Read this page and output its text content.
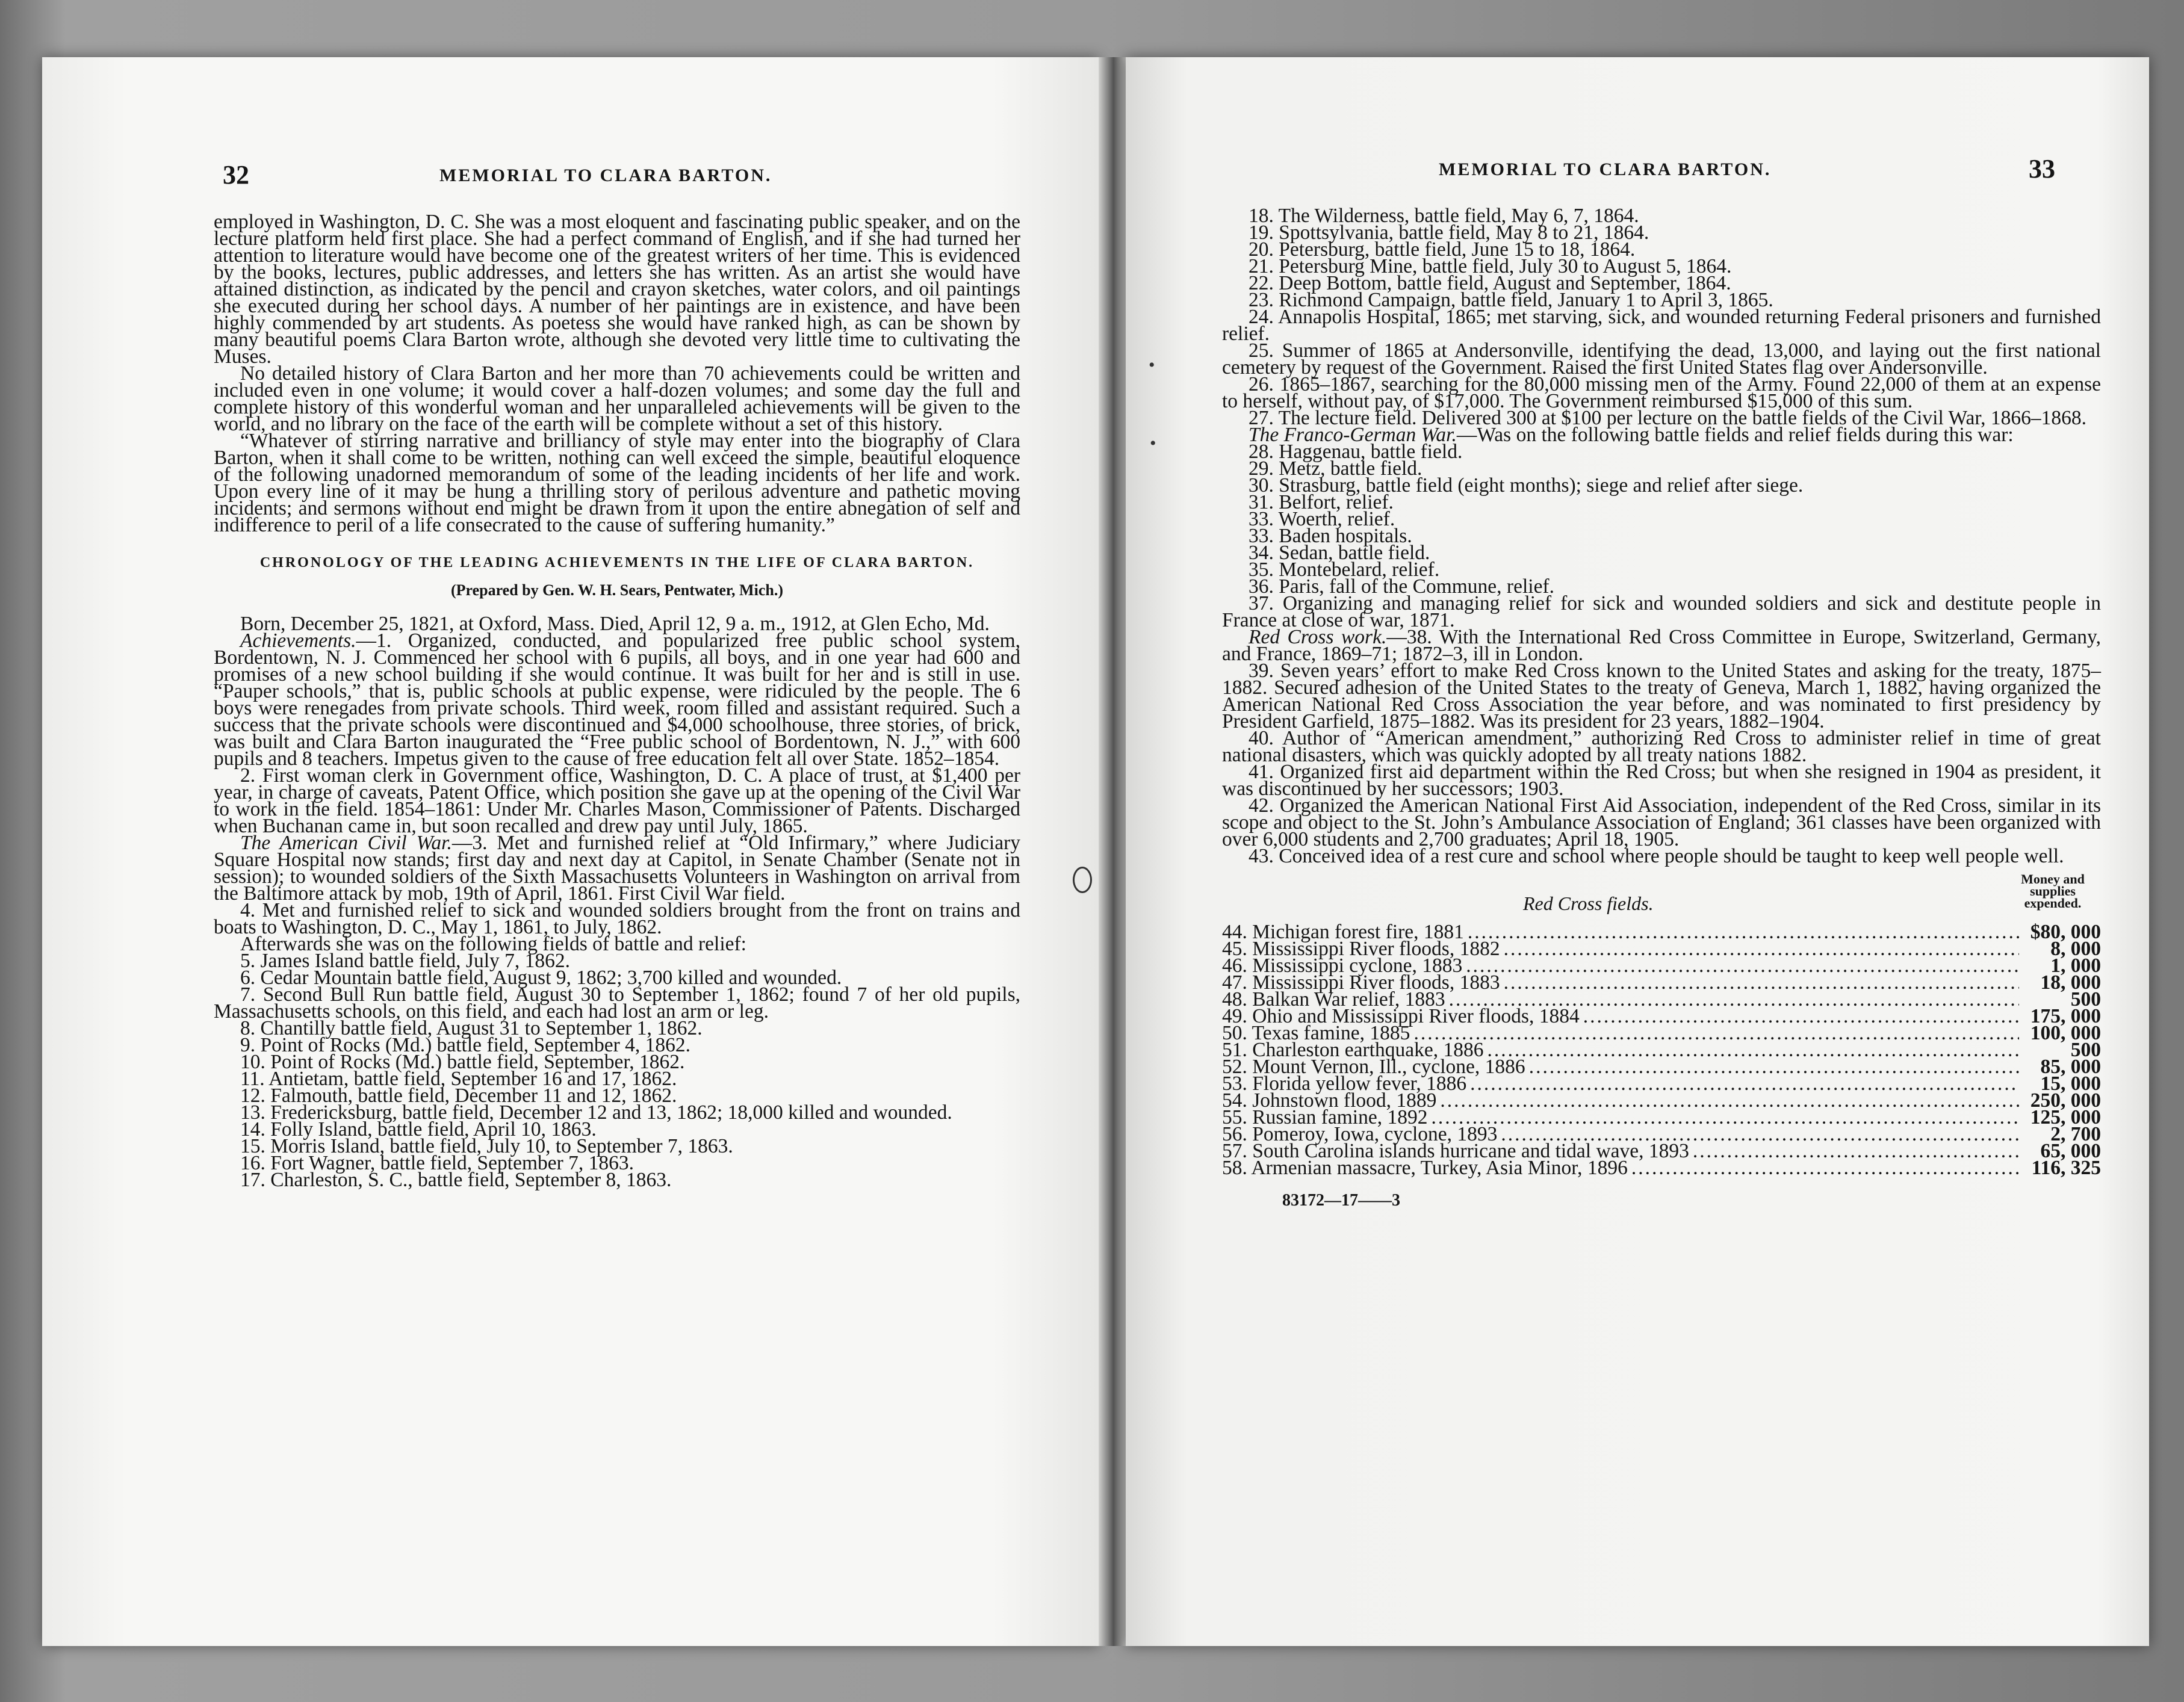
32	MEMORIAL TO CLARA BARTON.

employed in Washington, D. C. She was a most eloquent and fascinating public speaker, and on the lecture platform held first place. She had a perfect command of English, and if she had turned her attention to literature would have become one of the greatest writers of her time. This is evidenced by the books, lectures, public addresses, and letters she has written. As an artist she would have attained distinction, as indicated by the pencil and crayon sketches, water colors, and oil paintings she executed during her school days. A number of her paintings are in existence, and have been highly commended by art students. As poetess she would have ranked high, as can be shown by many beautiful poems Clara Barton wrote, although she devoted very little time to cultivating the Muses.

No detailed history of Clara Barton and her more than 70 achievements could be written and included even in one volume; it would cover a half-dozen volumes; and some day the full and complete history of this wonderful woman and her unparalleled achievements will be given to the world, and no library on the face of the earth will be complete without a set of this history.

“Whatever of stirring narrative and brilliancy of style may enter into the biography of Clara Barton, when it shall come to be written, nothing can well exceed the simple, beautiful eloquence of the following unadorned memorandum of some of the leading incidents of her life and work. Upon every line of it may be hung a thrilling story of perilous adventure and pathetic moving incidents; and sermons without end might be drawn from it upon the entire abnegation of self and indifference to peril of a life consecrated to the cause of suffering humanity.”

CHRONOLOGY OF THE LEADING ACHIEVEMENTS IN THE LIFE OF CLARA BARTON.
(Prepared by Gen. W. H. Sears, Pentwater, Mich.)

Born, December 25, 1821, at Oxford, Mass. Died, April 12, 9 a. m., 1912, at Glen Echo, Md.

Achievements.—1. Organized, conducted, and popularized free public school system, Bordentown, N. J. Commenced her school with 6 pupils, all boys, and in one year had 600 and promises of a new school building if she would continue. It was built for her and is still in use. “Pauper schools,” that is, public schools at public expense, were ridiculed by the people. The 6 boys were renegades from private schools. Third week, room filled and assistant required. Such a success that the private schools were discontinued and $4,000 schoolhouse, three stories, of brick, was built and Clara Barton inaugurated the “Free public school of Bordentown, N. J.,” with 600 pupils and 8 teachers. Impetus given to the cause of free education felt all over State. 1852–1854.

2. First woman clerk in Government office, Washington, D. C. A place of trust, at $1,400 per year, in charge of caveats, Patent Office, which position she gave up at the opening of the Civil War to work in the field. 1854–1861: Under Mr. Charles Mason, Commissioner of Patents. Discharged when Buchanan came in, but soon recalled and drew pay until July, 1865.

The American Civil War.—3. Met and furnished relief at “Old Infirmary,” where Judiciary Square Hospital now stands; first day and next day at Capitol, in Senate Chamber (Senate not in session); to wounded soldiers of the Sixth Massachusetts Volunteers in Washington on arrival from the Baltimore attack by mob, 19th of April, 1861. First Civil War field.

4. Met and furnished relief to sick and wounded soldiers brought from the front on trains and boats to Washington, D. C., May 1, 1861, to July, 1862.

Afterwards she was on the following fields of battle and relief:

5. James Island battle field, July 7, 1862.

6. Cedar Mountain battle field, August 9, 1862; 3,700 killed and wounded.

7. Second Bull Run battle field, August 30 to September 1, 1862; found 7 of her old pupils, Massachusetts schools, on this field, and each had lost an arm or leg.

8. Chantilly battle field, August 31 to September 1, 1862.

9. Point of Rocks (Md.) battle field, September 4, 1862.

10. Point of Rocks (Md.) battle field, September, 1862.

11. Antietam, battle field, September 16 and 17, 1862.

12. Falmouth, battle field, December 11 and 12, 1862.

13. Fredericksburg, battle field, December 12 and 13, 1862; 18,000 killed and wounded.

14. Folly Island, battle field, April 10, 1863.

15. Morris Island, battle field, July 10, to September 7, 1863.

16. Fort Wagner, battle field, September 7, 1863.

17. Charleston, S. C., battle field, September 8, 1863.

MEMORIAL TO CLARA BARTON.	33
•
•

18. The Wilderness, battle field, May 6, 7, 1864.

19. Spottsylvania, battle field, May 8 to 21, 1864.

20. Petersburg, battle field, June 15 to 18, 1864.

21. Petersburg Mine, battle field, July 30 to August 5, 1864.

22. Deep Bottom, battle field, August and September, 1864.

23. Richmond Campaign, battle field, January 1 to April 3, 1865.

24. Annapolis Hospital, 1865; met starving, sick, and wounded returning Federal prisoners and furnished relief.

25. Summer of 1865 at Andersonville, identifying the dead, 13,000, and laying out the first national cemetery by request of the Government. Raised the first United States flag over Andersonville.

26. 1865–1867, searching for the 80,000 missing men of the Army. Found 22,000 of them at an expense to herself, without pay, of $17,000. The Government reimbursed $15,000 of this sum.

27. The lecture field. Delivered 300 at $100 per lecture on the battle fields of the Civil War, 1866–1868.

The Franco-German War.—Was on the following battle fields and relief fields during this war:

28. Haggenau, battle field.

29. Metz, battle field.

30. Strasburg, battle field (eight months); siege and relief after siege.

31. Belfort, relief.

33. Woerth, relief.

33. Baden hospitals.

34. Sedan, battle field.

35. Montebelard, relief.

36. Paris, fall of the Commune, relief.

37. Organizing and managing relief for sick and wounded soldiers and sick and destitute people in France at close of war, 1871.

Red Cross work.—38. With the International Red Cross Committee in Europe, Switzerland, Germany, and France, 1869–71; 1872–3, ill in London.

39. Seven years’ effort to make Red Cross known to the United States and asking for the treaty, 1875–1882. Secured adhesion of the United States to the treaty of Geneva, March 1, 1882, having organized the American National Red Cross Association the year before, and was nominated to first presidency by President Garfield, 1875–1882. Was its president for 23 years, 1882–1904.

40. Author of “American amendment,” authorizing Red Cross to administer relief in time of great national disasters, which was quickly adopted by all treaty nations 1882.

41. Organized first aid department within the Red Cross; but when she resigned in 1904 as president, it was discontinued by her successors; 1903.

42. Organized the American National First Aid Association, independent of the Red Cross, similar in its scope and object to the St. John’s Ambulance Association of England; 361 classes have been organized with over 6,000 students and 2,700 graduates; April 18, 1905.

43. Conceived idea of a rest cure and school where people should be taught to keep well people well.

Red Cross fields.
Money and supplies expended.
44. Michigan forest fire, 1881 .....	$80, 000
45. Mississippi River floods, 1882 .....	8, 000
46. Mississippi cyclone, 1883 .....	1, 000
47. Mississippi River floods, 1883 .....	18, 000
48. Balkan War relief, 1883 .....	500
49. Ohio and Mississippi River floods, 1884 .....	175, 000
50. Texas famine, 1885 .....	100, 000
51. Charleston earthquake, 1886 .....	500
52. Mount Vernon, Ill., cyclone, 1886 .....	85, 000
53. Florida yellow fever, 1886 .....	15, 000
54. Johnstown flood, 1889 .....	250, 000
55. Russian famine, 1892 .....	125, 000
56. Pomeroy, Iowa, cyclone, 1893 .....	2, 700
57. South Carolina islands hurricane and tidal wave, 1893 .....	65, 000
58. Armenian massacre, Turkey, Asia Minor, 1896 .....	116, 325
83172—17——3
